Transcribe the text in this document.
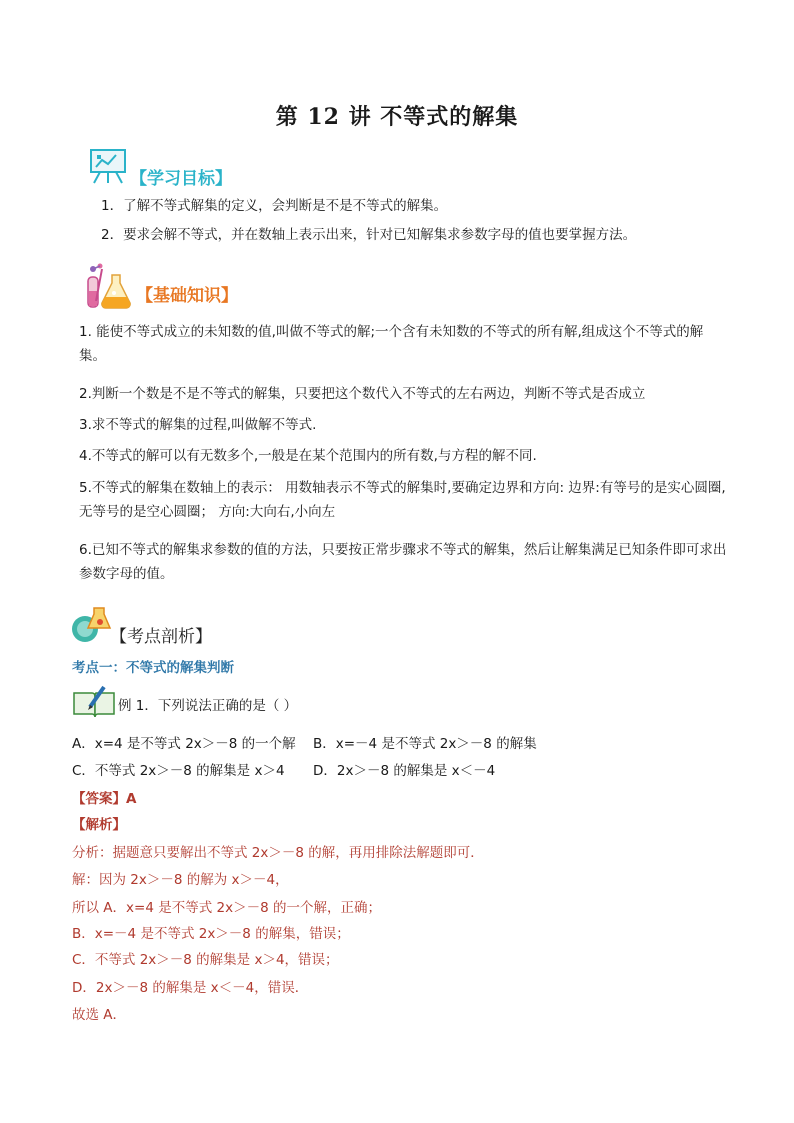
第 12 讲 不等式的解集
【学习目标】
1．了解不等式解集的定义，会判断是不是不等式的解集。
2．要求会解不等式，并在数轴上表示出来，针对已知解集求参数字母的值也要掌握方法。
【基础知识】
1. 能使不等式成立的未知数的值,叫做不等式的解;一个含有未知数的不等式的所有解,组成这个不等式的解集。
2.判断一个数是不是不等式的解集，只要把这个数代入不等式的左右两边，判断不等式是否成立
3.求不等式的解集的过程,叫做解不等式.
4.不等式的解可以有无数多个,一般是在某个范围内的所有数,与方程的解不同.
5.不等式的解集在数轴上的表示： 用数轴表示不等式的解集时,要确定边界和方向: 边界:有等号的是实心圆圈,无等号的是空心圆圈； 方向:大向右,小向左
6.已知不等式的解集求参数的值的方法，只要按正常步骤求不等式的解集，然后让解集满足已知条件即可求出参数字母的值。
【考点剖析】
考点一：不等式的解集判断
例 1．下列说法正确的是（ ）
A．x=4 是不等式 2x＞－8 的一个解 B．x=－4 是不等式 2x＞－8 的解集
C．不等式 2x＞－8 的解集是 x＞4 D．2x＞－8 的解集是 x＜－4
【答案】A
【解析】
分析：据题意只要解出不等式 2x＞－8 的解，再用排除法解题即可．
解：因为 2x＞－8 的解为 x＞－4，
所以 A．x=4 是不等式 2x＞－8 的一个解，正确；
B．x=－4 是不等式 2x＞－8 的解集，错误；
C．不等式 2x＞－8 的解集是 x＞4，错误；
D．2x＞－8 的解集是 x＜－4，错误．
故选 A．
